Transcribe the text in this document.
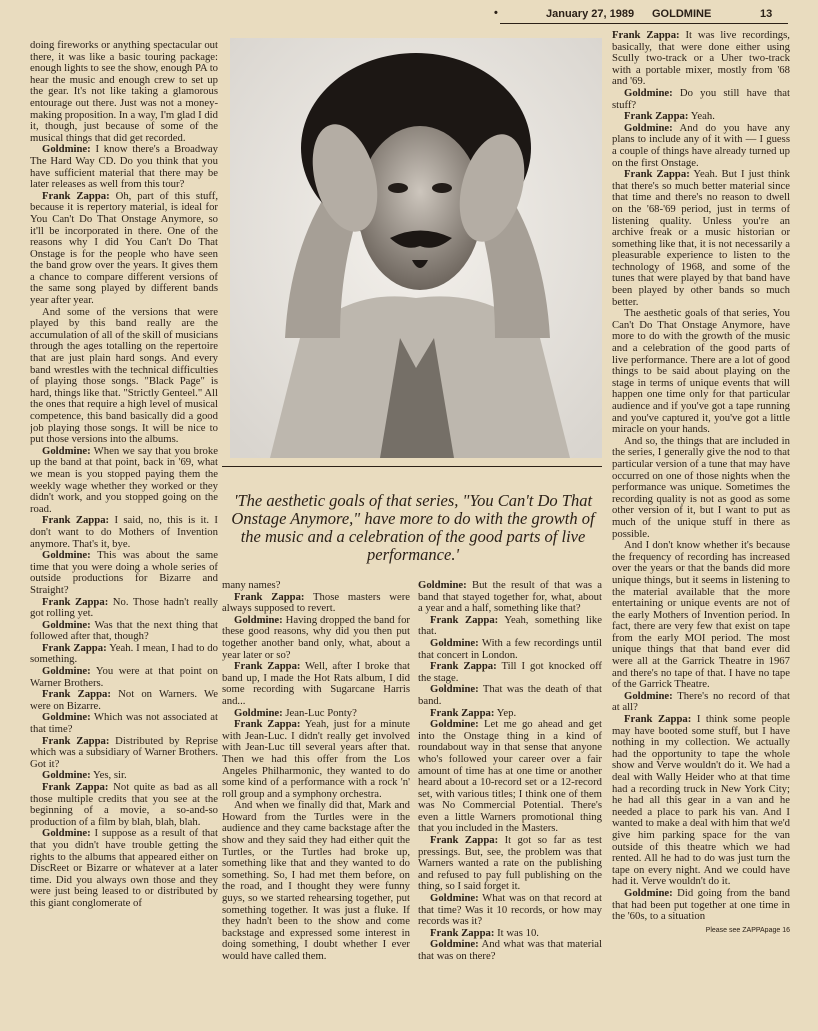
•	January 27, 1989 GOLDMINE	13

doing fireworks or anything spectacular out there, it was like a basic touring package: enough lights to see the show, enough PA to hear the music and enough crew to set up the gear. It's not like taking a glamorous entourage out there. Just was not a money-making proposition. In a way, I'm glad I did it, though, just because of some of the musical things that did get recorded.

Goldmine: I know there's a Broadway The Hard Way CD. Do you think that you have sufficient material that there may be later releases as well from this tour?

Frank Zappa: Oh, part of this stuff, because it is repertory material, is ideal for You Can't Do That Onstage Anymore, so it'll be incorporated in there. One of the reasons why I did You Can't Do That Onstage is for the people who have seen the band grow over the years. It gives them a chance to compare different versions of the same song played by different bands year after year.

And some of the versions that were played by this band really are the accumulation of all of the skill of musicians through the ages totalling on the repertoire that are just plain hard songs. And every band wrestles with the technical difficulties of playing those songs. "Black Page" is hard, things like that. "Strictly Genteel." All the ones that require a high level of musical competence, this band basically did a good job playing those songs. It will be nice to put those versions into the albums.

Goldmine: When we say that you broke up the band at that point, back in '69, what we mean is you stopped paying them the weekly wage whether they worked or they didn't work, and you stopped going on the road.

Frank Zappa: I said, no, this is it. I don't want to do Mothers of Invention anymore. That's it, bye.

Goldmine: This was about the same time that you were doing a whole series of outside productions for Bizarre and Straight?

Frank Zappa: No. Those hadn't really got rolling yet.

Goldmine: Was that the next thing that followed after that, though?

Frank Zappa: Yeah. I mean, I had to do something.

Goldmine: You were at that point on Warner Brothers.

Frank Zappa: Not on Warners. We were on Bizarre.

Goldmine: Which was not associated at that time?

Frank Zappa: Distributed by Reprise which was a subsidiary of Warner Brothers. Got it?

Goldmine: Yes, sir.

Frank Zappa: Not quite as bad as all those multiple credits that you see at the beginning of a movie, a so-and-so production of a film by blah, blah, blah.

Goldmine: I suppose as a result of that that you didn't have trouble getting the rights to the albums that appeared either on DiscReet or Bizarre or whatever at a later time. Did you always own those and they were just being leased to or distributed by this giant conglomerate of

'The aesthetic goals of that series, "You Can't Do That Onstage Anymore," have more to do with the growth of the music and a celebration of the good parts of live performance.'

many names?

Frank Zappa: Those masters were always supposed to revert.

Goldmine: Having dropped the band for these good reasons, why did you then put together another band only, what, about a year later or so?

Frank Zappa: Well, after I broke that band up, I made the Hot Rats album, I did some recording with Sugarcane Harris and...

Goldmine: Jean-Luc Ponty?

Frank Zappa: Yeah, just for a minute with Jean-Luc. I didn't really get involved with Jean-Luc till several years after that. Then we had this offer from the Los Angeles Philharmonic, they wanted to do some kind of a performance with a rock 'n' roll group and a symphony orchestra.

And when we finally did that, Mark and Howard from the Turtles were in the audience and they came backstage after the show and they said they had either quit the Turtles, or the Turtles had broke up, something like that and they wanted to do something. So, I had met them before, on the road, and I thought they were funny guys, so we started rehearsing together, put something together. It was just a fluke. If they hadn't been to the show and come backstage and expressed some interest in doing something, I doubt whether I ever would have called them.

Goldmine: But the result of that was a band that stayed together for, what, about a year and a half, something like that?

Frank Zappa: Yeah, something like that.

Goldmine: With a few recordings until that concert in London.

Frank Zappa: Till I got knocked off the stage.

Goldmine: That was the death of that band.

Frank Zappa: Yep.

Goldmine: Let me go ahead and get into the Onstage thing in a kind of roundabout way in that sense that anyone who's followed your career over a fair amount of time has at one time or another heard about a 10-record set or a 12-record set, with various titles; I think one of them was No Commercial Potential. There's even a little Warners promotional thing that you included in the Masters.

Frank Zappa: It got so far as test pressings. But, see, the problem was that Warners wanted a rate on the publishing and refused to pay full publishing on the thing, so I said forget it.

Goldmine: What was on that record at that time? Was it 10 records, or how may records was it?

Frank Zappa: It was 10.

Goldmine: And what was that material that was on there?

Frank Zappa: It was live recordings, basically, that were done either using Scully two-track or a Uher two-track with a portable mixer, mostly from '68 and '69.

Goldmine: Do you still have that stuff?

Frank Zappa: Yeah.

Goldmine: And do you have any plans to include any of it with — I guess a couple of things have already turned up on the first Onstage.

Frank Zappa: Yeah. But I just think that there's so much better material since that time and there's no reason to dwell on the '68-'69 period, just in terms of listening quality. Unless you're an archive freak or a music historian or something like that, it is not necessarily a pleasurable experience to listen to the technology of 1968, and some of the tunes that were played by that band have been played by other bands so much better.

The aesthetic goals of that series, You Can't Do That Onstage Anymore, have more to do with the growth of the music and a celebration of the good parts of live performance. There are a lot of good things to be said about playing on the stage in terms of unique events that will happen one time only for that particular audience and if you've got a tape running and you've captured it, you've got a little miracle on your hands.

And so, the things that are included in the series, I generally give the nod to that particular version of a tune that may have occurred on one of those nights when the performance was unique. Sometimes the recording quality is not as good as some other version of it, but I want to put as much of the unique stuff in there as possible.

And I don't know whether it's because the frequency of recording has increased over the years or that the bands did more unique things, but it seems in listening to the material available that the more entertaining or unique events are not of the early Mothers of Invention period. In fact, there are very few that exist on tape from the early MOI period. The most unique things that that band ever did were all at the Garrick Theatre in 1967 and there's no tape of that. I have no tape of the Garrick Theatre.

Goldmine: There's no record of that at all?

Frank Zappa: I think some people may have booted some stuff, but I have nothing in my collection. We actually had the opportunity to tape the whole show and Verve wouldn't do it. We had a deal with Wally Heider who at that time had a recording truck in New York City; he had all this gear in a van and he needed a place to park his van. And I wanted to make a deal with him that we'd give him parking space for the van outside of this theatre which we had rented. All he had to do was just turn the tape on every night. And we could have had it. Verve wouldn't do it.

Goldmine: Did going from the band that had been put together at one time in the '60s, to a situation

Please see ZAPPApage 16
